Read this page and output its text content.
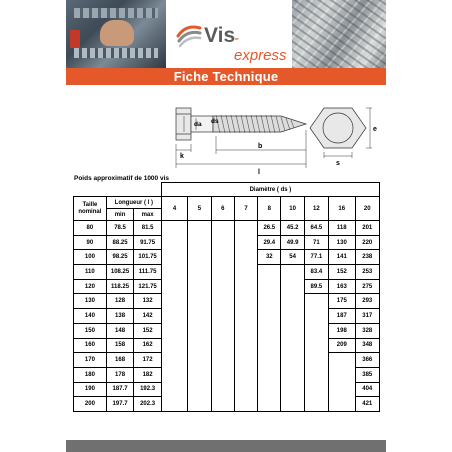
Vis
-express
Fiche Technique
k
da ds
b
l
e
s
Poids approximatif de 1000 vis
			Diamètre ( ds )								
Taille nominal	Longueur ( l )		4	5	6	7	8	10	12	16	20
	min	max									
80	78.5	81.5					26.5	45.2	64.5	118	201
90	88.25	91.75					29.4	49.9	71	130	220
100	98.25	101.75					32	54	77.1	141	238
110	108.25	111.75							83.4	152	253
120	118.25	121.75							89.5	163	275
130	128	132								175	293
140	138	142								187	317
150	148	152								198	328
160	158	162								209	348
170	168	172									366
180	178	182									385
190	187.7	192.3									404
200	197.7	202.3									421
